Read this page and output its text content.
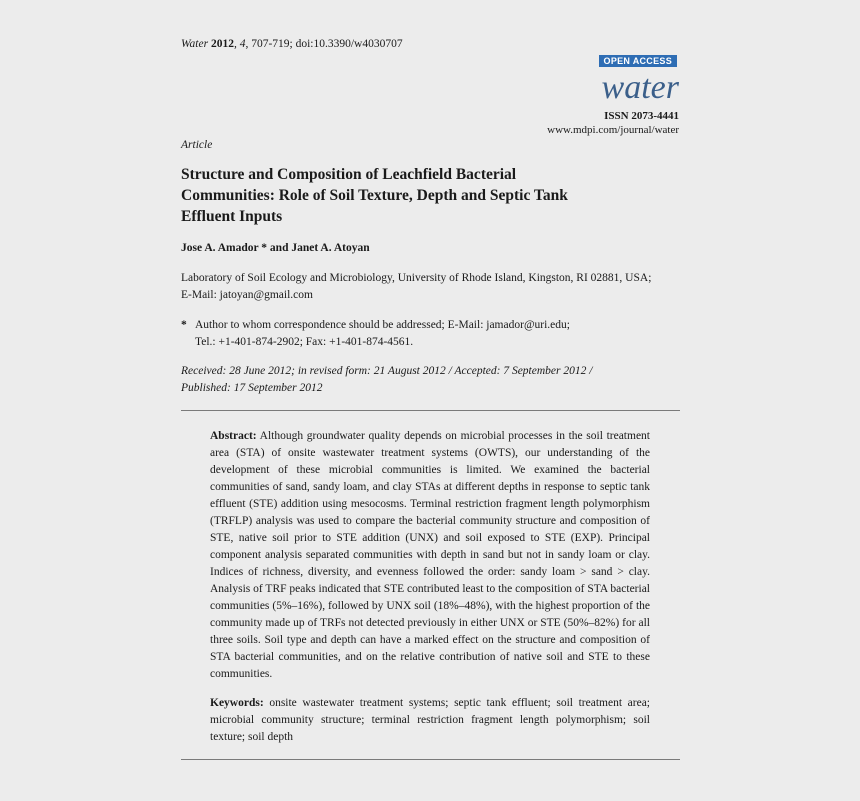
Water 2012, 4, 707-719; doi:10.3390/w4030707
OPEN ACCESS
water
ISSN 2073-4441
www.mdpi.com/journal/water
Article
Structure and Composition of Leachfield Bacterial Communities: Role of Soil Texture, Depth and Septic Tank Effluent Inputs
Jose A. Amador * and Janet A. Atoyan
Laboratory of Soil Ecology and Microbiology, University of Rhode Island, Kingston, RI 02881, USA;
E-Mail: jatoyan@gmail.com
* Author to whom correspondence should be addressed; E-Mail: jamador@uri.edu;
Tel.: +1-401-874-2902; Fax: +1-401-874-4561.
Received: 28 June 2012; in revised form: 21 August 2012 / Accepted: 7 September 2012 /
Published: 17 September 2012

Abstract: Although groundwater quality depends on microbial processes in the soil treatment area (STA) of onsite wastewater treatment systems (OWTS), our understanding of the development of these microbial communities is limited. We examined the bacterial communities of sand, sandy loam, and clay STAs at different depths in response to septic tank effluent (STE) addition using mesocosms. Terminal restriction fragment length polymorphism (TRFLP) analysis was used to compare the bacterial community structure and composition of STE, native soil prior to STE addition (UNX) and soil exposed to STE (EXP). Principal component analysis separated communities with depth in sand but not in sandy loam or clay. Indices of richness, diversity, and evenness followed the order: sandy loam > sand > clay. Analysis of TRF peaks indicated that STE contributed least to the composition of STA bacterial communities (5%–16%), followed by UNX soil (18%–48%), with the highest proportion of the community made up of TRFs not detected previously in either UNX or STE (50%–82%) for all three soils. Soil type and depth can have a marked effect on the structure and composition of STA bacterial communities, and on the relative contribution of native soil and STE to these communities.

Keywords: onsite wastewater treatment systems; septic tank effluent; soil treatment area; microbial community structure; terminal restriction fragment length polymorphism; soil texture; soil depth
